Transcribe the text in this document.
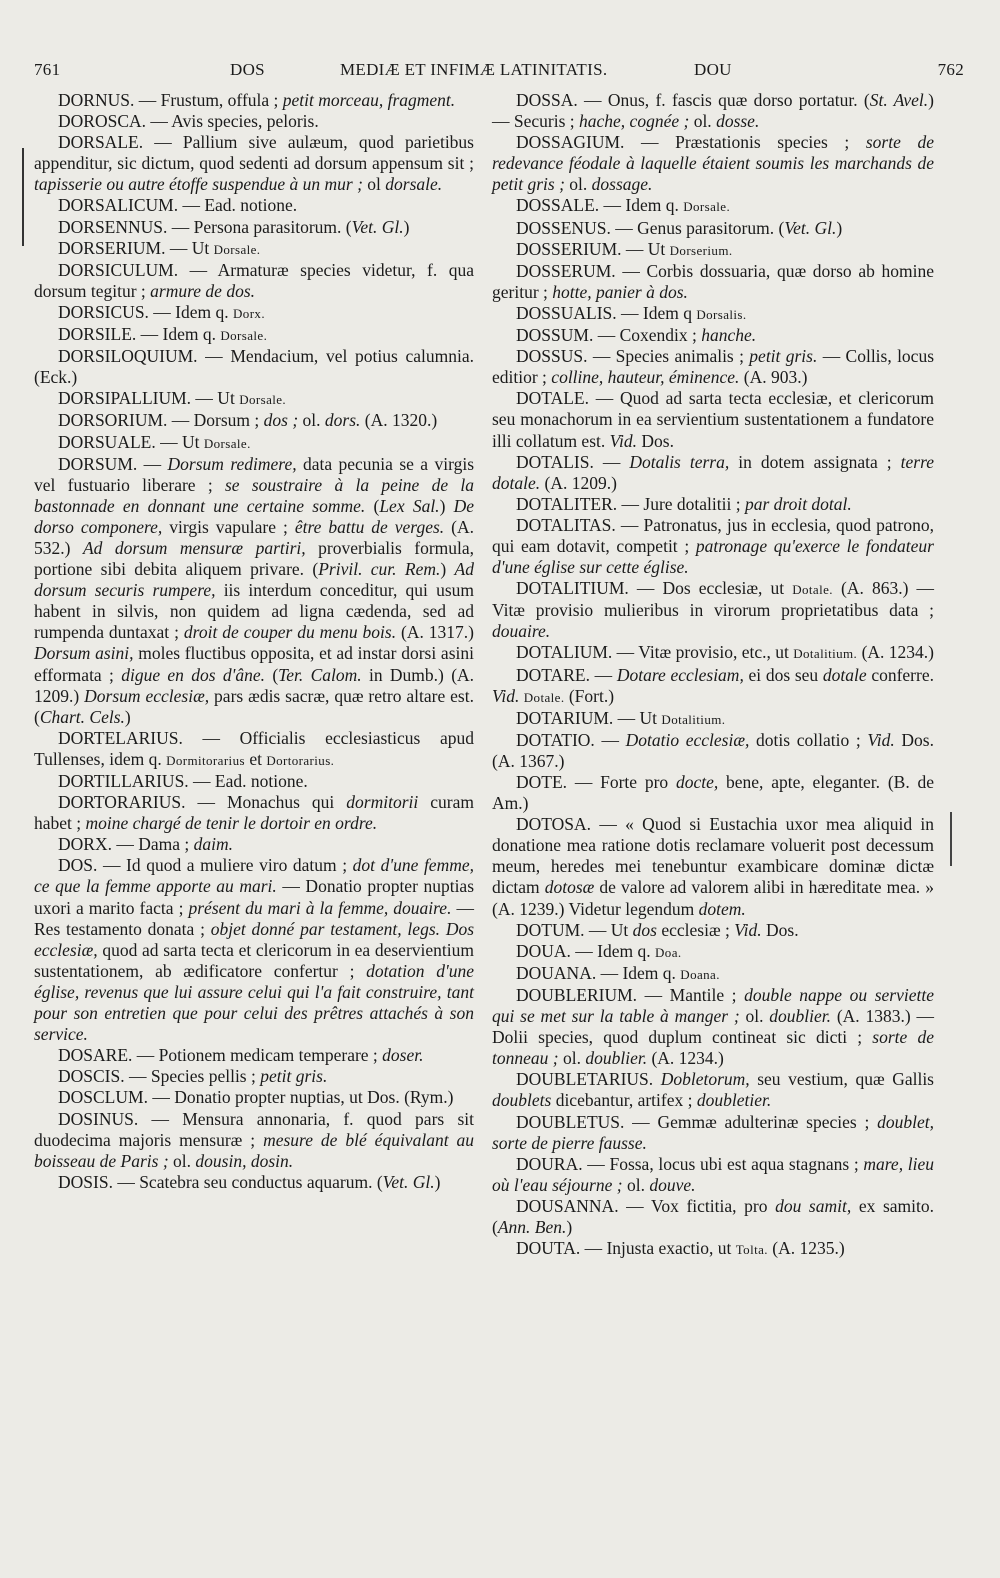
761	DOS	MEDIÆ ET INFIMÆ LATINITATIS.	DOU	762

DORNUS. — Frustum, offula ; petit morceau, fragment.

DOROSCA. — Avis species, peloris.

DORSALE. — Pallium sive aulæum, quod parietibus appenditur, sic dictum, quod sedenti ad dorsum appensum sit ; tapisserie ou autre étoffe suspendue à un mur ; ol dorsale.

DORSALICUM. — Ead. notione.

DORSENNUS. — Persona parasitorum. (Vet. Gl.)

DORSERIUM. — Ut Dorsale.

DORSICULUM. — Armaturæ species videtur, f. qua dorsum tegitur ; armure de dos.

DORSICUS. — Idem q. Dorx.

DORSILE. — Idem q. Dorsale.

DORSILOQUIUM. — Mendacium, vel potius calumnia. (Eck.)

DORSIPALLIUM. — Ut Dorsale.

DORSORIUM. — Dorsum ; dos ; ol. dors. (A. 1320.)

DORSUALE. — Ut Dorsale.

DORSUM. — Dorsum redimere, data pecunia se a virgis vel fustuario liberare ; se soustraire à la peine de la bastonnade en donnant une certaine somme. (Lex Sal.) De dorso componere, virgis vapulare ; être battu de verges. (A. 532.) Ad dorsum mensuræ partiri, proverbialis formula, portione sibi debita aliquem privare. (Privil. cur. Rem.) Ad dorsum securis rumpere, iis interdum conceditur, qui usum habent in silvis, non quidem ad ligna cædenda, sed ad rumpenda duntaxat ; droit de couper du menu bois. (A. 1317.) Dorsum asini, moles fluctibus opposita, et ad instar dorsi asini efformata ; digue en dos d'âne. (Ter. Calom. in Dumb.) (A. 1209.) Dorsum ecclesiæ, pars ædis sacræ, quæ retro altare est. (Chart. Cels.)

DORTELARIUS. — Officialis ecclesiasticus apud Tullenses, idem q. Dormitorarius et Dortorarius.

DORTILLARIUS. — Ead. notione.

DORTORARIUS. — Monachus qui dormitorii curam habet ; moine chargé de tenir le dortoir en ordre.

DORX. — Dama ; daim.

DOS. — Id quod a muliere viro datum ; dot d'une femme, ce que la femme apporte au mari. — Donatio propter nuptias uxori a marito facta ; présent du mari à la femme, douaire. — Res testamento donata ; objet donné par testament, legs. Dos ecclesiæ, quod ad sarta tecta et clericorum in ea deservientium sustentationem, ab ædificatore confertur ; dotation d'une église, revenus que lui assure celui qui l'a fait construire, tant pour son entretien que pour celui des prêtres attachés à son service.

DOSARE. — Potionem medicam temperare ; doser.

DOSCIS. — Species pellis ; petit gris.

DOSCLUM. — Donatio propter nuptias, ut Dos. (Rym.)

DOSINUS. — Mensura annonaria, f. quod pars sit duodecima majoris mensuræ ; mesure de blé équivalant au boisseau de Paris ; ol. dousin, dosin.

DOSIS. — Scatebra seu conductus aquarum. (Vet. Gl.)

DOSSA. — Onus, f. fascis quæ dorso portatur. (St. Avel.) — Securis ; hache, cognée ; ol. dosse.

DOSSAGIUM. — Præstationis species ; sorte de redevance féodale à laquelle étaient soumis les marchands de petit gris ; ol. dossage.

DOSSALE. — Idem q. Dorsale.

DOSSENUS. — Genus parasitorum. (Vet. Gl.)

DOSSERIUM. — Ut Dorserium.

DOSSERUM. — Corbis dossuaria, quæ dorso ab homine geritur ; hotte, panier à dos.

DOSSUALIS. — Idem q Dorsalis.

DOSSUM. — Coxendix ; hanche.

DOSSUS. — Species animalis ; petit gris. — Collis, locus editior ; colline, hauteur, éminence. (A. 903.)

DOTALE. — Quod ad sarta tecta ecclesiæ, et clericorum seu monachorum in ea servientium sustentationem a fundatore illi collatum est. Vid. Dos.

DOTALIS. — Dotalis terra, in dotem assignata ; terre dotale. (A. 1209.)

DOTALITER. — Jure dotalitii ; par droit dotal.

DOTALITAS. — Patronatus, jus in ecclesia, quod patrono, qui eam dotavit, competit ; patronage qu'exerce le fondateur d'une église sur cette église.

DOTALITIUM. — Dos ecclesiæ, ut Dotale. (A. 863.) — Vitæ provisio mulieribus in virorum proprietatibus data ; douaire.

DOTALIUM. — Vitæ provisio, etc., ut Dotalitium. (A. 1234.)

DOTARE. — Dotare ecclesiam, ei dos seu dotale conferre. Vid. Dotale. (Fort.)

DOTARIUM. — Ut Dotalitium.

DOTATIO. — Dotatio ecclesiæ, dotis collatio ; Vid. Dos. (A. 1367.)

DOTE. — Forte pro docte, bene, apte, eleganter. (B. de Am.)

DOTOSA. — « Quod si Eustachia uxor mea aliquid in donatione mea ratione dotis reclamare voluerit post decessum meum, heredes mei tenebuntur exambicare dominæ dictæ dictam dotosæ de valore ad valorem alibi in hæreditate mea. » (A. 1239.) Videtur legendum dotem.

DOTUM. — Ut dos ecclesiæ ; Vid. Dos.

DOUA. — Idem q. Doa.

DOUANA. — Idem q. Doana.

DOUBLERIUM. — Mantile ; double nappe ou serviette qui se met sur la table à manger ; ol. doublier. (A. 1383.) — Dolii species, quod duplum contineat sic dicti ; sorte de tonneau ; ol. doublier. (A. 1234.)

DOUBLETARIUS. Dobletorum, seu vestium, quæ Gallis doublets dicebantur, artifex ; doubletier.

DOUBLETUS. — Gemmæ adulterinæ species ; doublet, sorte de pierre fausse.

DOURA. — Fossa, locus ubi est aqua stagnans ; mare, lieu où l'eau séjourne ; ol. douve.

DOUSANNA. — Vox fictitia, pro dou samit, ex samito. (Ann. Ben.)

DOUTA. — Injusta exactio, ut Tolta. (A. 1235.)
